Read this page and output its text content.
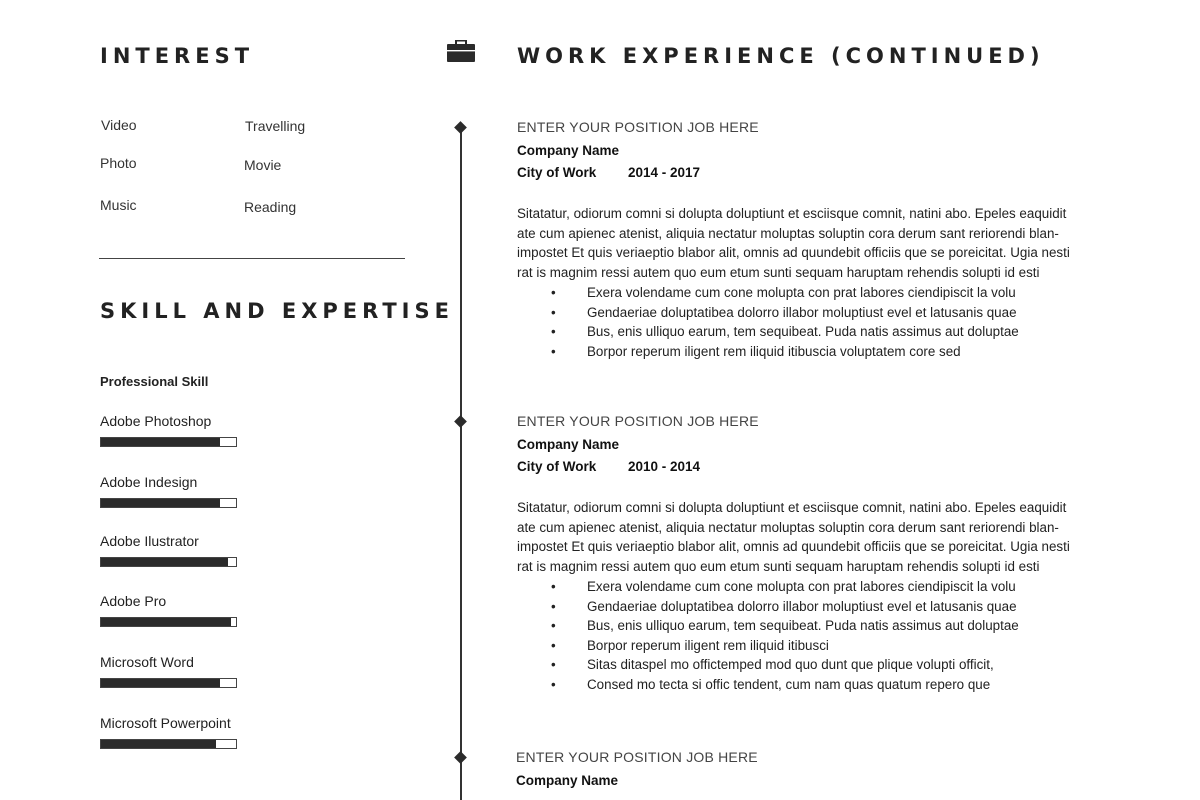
INTEREST
Video
Photo
Music
Travelling
Movie
Reading
SKILL AND EXPERTISE
Professional Skill
Adobe Photoshop
Adobe Indesign
Adobe Ilustrator
Adobe Pro
Microsoft Word
Microsoft Powerpoint
WORK EXPERIENCE (CONTINUED)
ENTER YOUR POSITION JOB HERE
Company Name
City of Work 2014 - 2017
Sitatatur, odiorum comni si dolupta doluptiunt et esciisque comnit, natini abo. Epeles eaquidit
ate cum apienec atenist, aliquia nectatur moluptas soluptin cora derum sant reriorendi blan-
impostet Et quis veriaeptio blabor alit, omnis ad quundebit officiis que se poreicitat. Ugia nesti
rat is magnim ressi autem quo eum etum sunti sequam haruptam rehendis solupti id esti
• Exera volendame cum cone molupta con prat labores ciendipiscit la volu
• Gendaeriae doluptatibea dolorro illabor moluptiust evel et latusanis quae
• Bus, enis ulliquo earum, tem sequibeat. Puda natis assimus aut doluptae
• Borpor reperum iligent rem iliquid itibuscia voluptatem core sed
ENTER YOUR POSITION JOB HERE
Company Name
City of Work 2010 - 2014
Sitatatur, odiorum comni si dolupta doluptiunt et esciisque comnit, natini abo. Epeles eaquidit
ate cum apienec atenist, aliquia nectatur moluptas soluptin cora derum sant reriorendi blan-
impostet Et quis veriaeptio blabor alit, omnis ad quundebit officiis que se poreicitat. Ugia nesti
rat is magnim ressi autem quo eum etum sunti sequam haruptam rehendis solupti id esti
• Exera volendame cum cone molupta con prat labores ciendipiscit la volu
• Gendaeriae doluptatibea dolorro illabor moluptiust evel et latusanis quae
• Bus, enis ulliquo earum, tem sequibeat. Puda natis assimus aut doluptae
• Borpor reperum iligent rem iliquid itibusci
• Sitas ditaspel mo offictemped mod quo dunt que plique volupti officit,
• Consed mo tecta si offic tendent, cum nam quas quatum repero que
ENTER YOUR POSITION JOB HERE
Company Name
